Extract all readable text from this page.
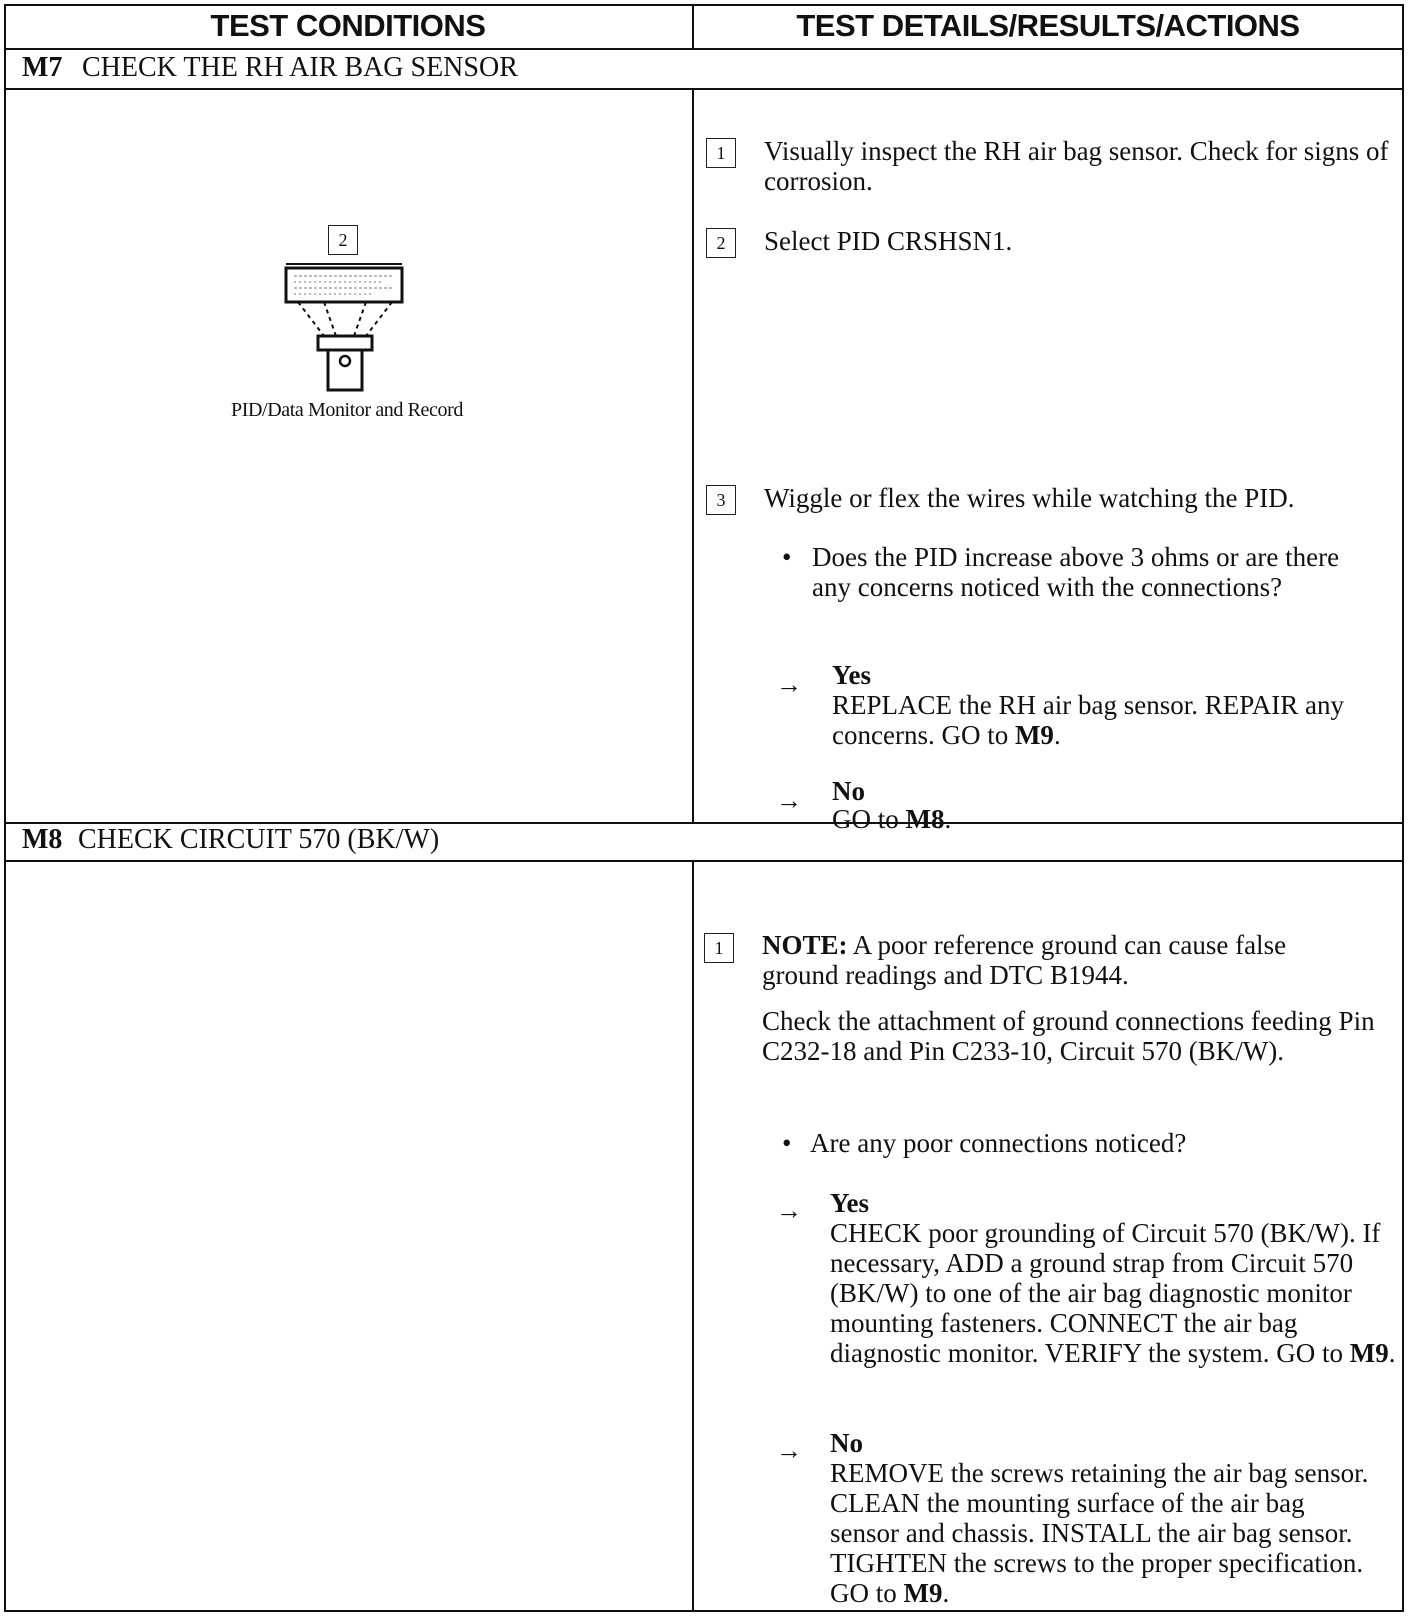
TEST CONDITIONS	TEST DETAILS/RESULTS/ACTIONS
M7 CHECK THE RH AIR BAG SENSOR
2
PID/Data Monitor and Record
1	Visually inspect the RH air bag sensor. Check for signs of corrosion.
2	Select PID CRSHSN1.
3	Wiggle or flex the wires while watching the PID.
• Does the PID increase above 3 ohms or are there any concerns noticed with the connections?
→ Yes
REPLACE the RH air bag sensor. REPAIR any concerns. GO to M9.
→ No
GO to M8.
M8 CHECK CIRCUIT 570 (BK/W)
1	NOTE: A poor reference ground can cause false ground readings and DTC B1944.
Check the attachment of ground connections feeding Pin C232-18 and Pin C233-10, Circuit 570 (BK/W).
• Are any poor connections noticed?
→ Yes
CHECK poor grounding of Circuit 570 (BK/W). If necessary, ADD a ground strap from Circuit 570 (BK/W) to one of the air bag diagnostic monitor mounting fasteners. CONNECT the air bag diagnostic monitor. VERIFY the system. GO to M9.
→ No
REMOVE the screws retaining the air bag sensor. CLEAN the mounting surface of the air bag sensor and chassis. INSTALL the air bag sensor. TIGHTEN the screws to the proper specification. GO to M9.
